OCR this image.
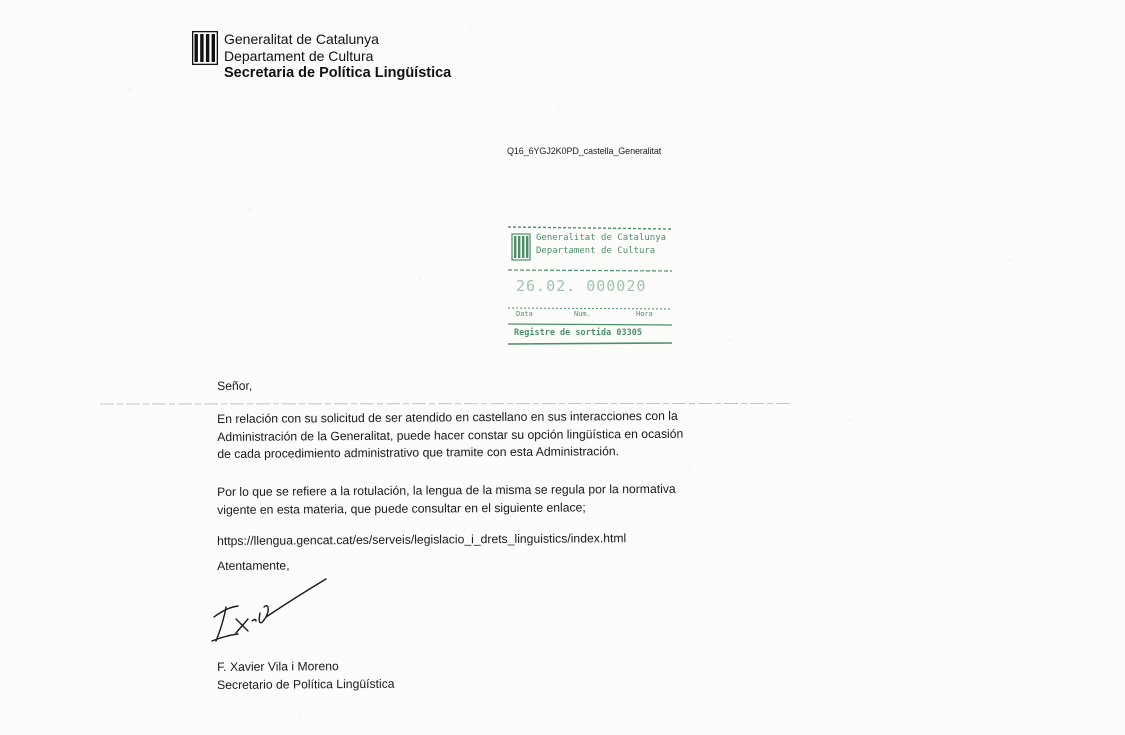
Generalitat de Catalunya
Departament de Cultura
Secretaria de Política Lingüística
Q16_6YGJ2K0PD_castella_Generalitat
Generalitat de Catalunya
Departament de Cultura
26.02. 000020
Data	Num.	Hora
Registre de sortida 03305
Señor,
En relación con su solicitud de ser atendido en castellano en sus interacciones con la Administración de la Generalitat, puede hacer constar su opción lingüística en ocasión de cada procedimiento administrativo que tramite con esta Administración.
Por lo que se refiere a la rotulación, la lengua de la misma se regula por la normativa vigente en esta materia, que puede consultar en el siguiente enlace;
https://llengua.gencat.cat/es/serveis/legislacio_i_drets_linguistics/index.html
Atentamente,
F. Xavier Vila i Moreno
Secretario de Política Lingüística
